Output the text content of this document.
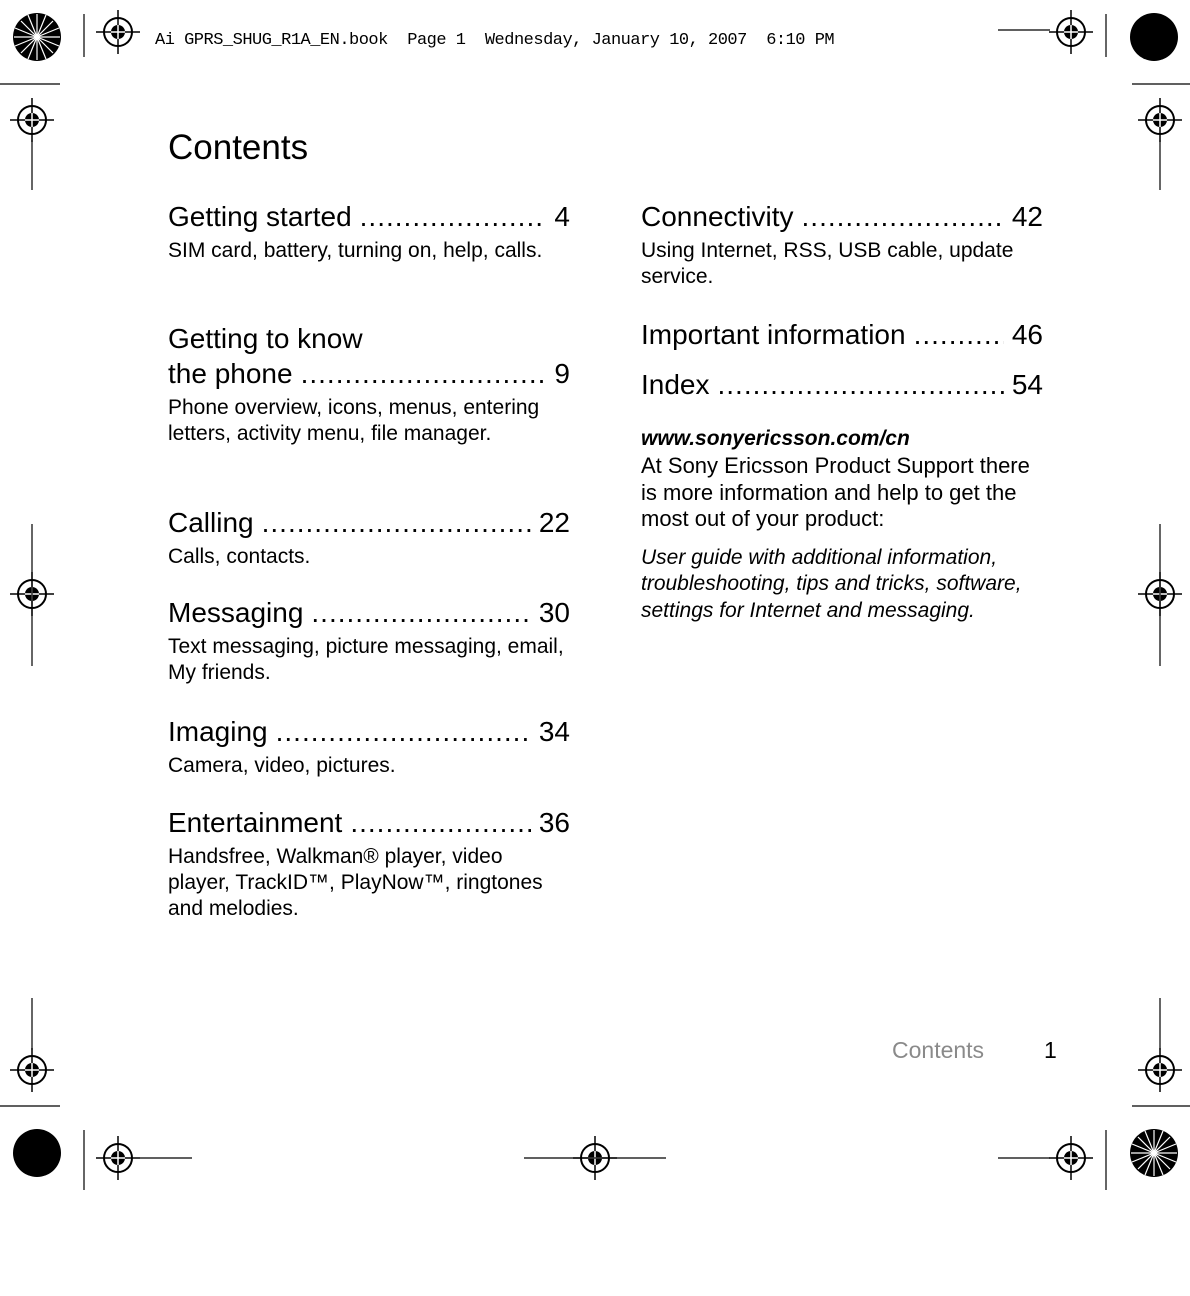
Ai GPRS_SHUG_R1A_EN.book  Page 1  Wednesday, January 10, 2007  6:10 PM
Contents
Getting started .....	4
SIM card, battery, turning on, help, calls.
Getting to know
the phone .....	9
Phone overview, icons, menus, entering letters, activity menu, file manager.
Calling .....	22
Calls, contacts.
Messaging .....	30
Text messaging, picture messaging, email, My friends.
Imaging .....	34
Camera, video, pictures.
Entertainment .....	36
Handsfree, Walkman® player, video player, TrackID™, PlayNow™, ringtones and melodies.
Connectivity .....	42
Using Internet, RSS, USB cable, update service.
Important information .....	46
Index .....	54
www.sonyericsson.com/cn
At Sony Ericsson Product Support there is more information and help to get the most out of your product:
User guide with additional information, troubleshooting, tips and tricks, software, settings for Internet and messaging.
Contents	1
